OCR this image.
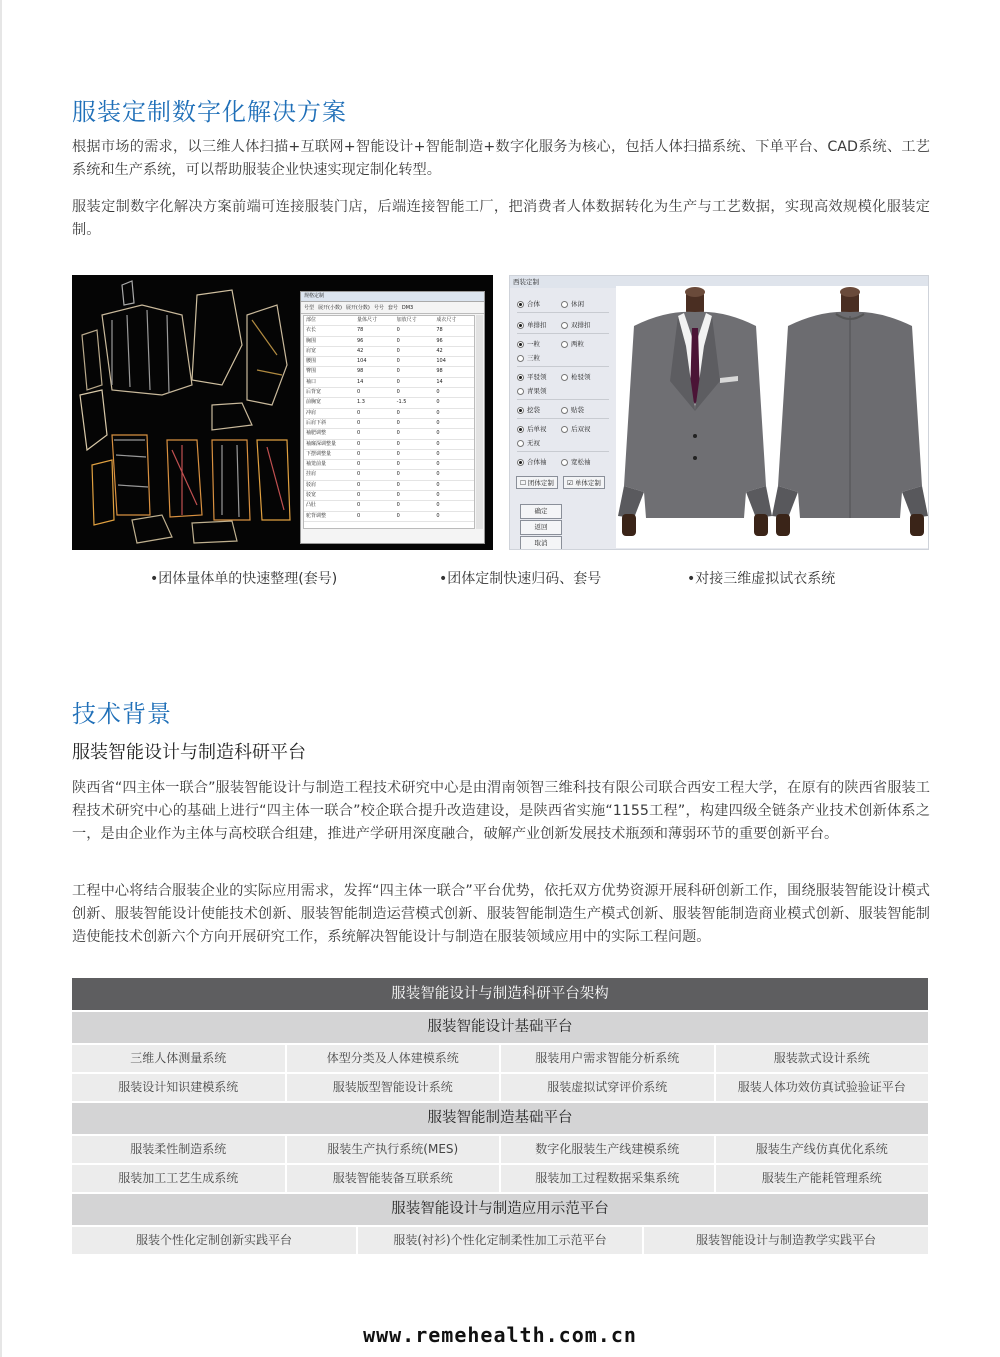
服装定制数字化解决方案
根据市场的需求，以三维人体扫描+互联网+智能设计+智能制造+数字化服务为核心，包括人体扫描系统、下单平台、CAD系统、工艺系统和生产系统，可以帮助服装企业快速实现定制化转型。
服装定制数字化解决方案前端可连接服装门店，后端连接智能工厂，把消费者人体数据转化为生产与工艺数据，实现高效规模化服装定制。
规格定制
号型 展开(小数) 展开(分数) 号号 套号 DM3
部位	量体尺寸	加放尺寸	成衣尺寸
衣长	78	0	78
胸围	96	0	96
肩宽	42	0	42
腰围	104	0	104
臀围	98	0	98
袖口	14	0	14
后背宽	0	0	0
前胸宽	1.3	-1.5	0
冲肩	0	0	0
后肩下斜	0	0	0
袖肥调整	0	0	0
袖窿深调整量	0	0	0
下摆调整量	0	0	0
袖笼前量	0	0	0
挂肩	0	0	0
驳肩	0	0	0
驳宽	0	0	0
凸肚	0	0	0
驼背调整	0	0	0
西装定制
合体	休闲
单排扣	双排扣
一粒	两粒
三粒
平驳领	枪驳领
青果领
挖袋	贴袋
后单衩	后双衩
无衩
合体袖	宽松袖
☐ 团体定制	☑ 单体定制
确定
返回
取消
•团体量体单的快速整理(套号)	•团体定制快速归码、套号	•对接三维虚拟试衣系统
技术背景
服装智能设计与制造科研平台
陕西省“四主体一联合”服装智能设计与制造工程技术研究中心是由渭南领智三维科技有限公司联合西安工程大学，在原有的陕西省服装工程技术研究中心的基础上进行“四主体一联合”校企联合提升改造建设，是陕西省实施“1155工程”，构建四级全链条产业技术创新体系之一，是由企业作为主体与高校联合组建，推进产学研用深度融合，破解产业创新发展技术瓶颈和薄弱环节的重要创新平台。
工程中心将结合服装企业的实际应用需求，发挥“四主体一联合”平台优势，依托双方优势资源开展科研创新工作，围绕服装智能设计模式创新、服装智能设计使能技术创新、服装智能制造运营模式创新、服装智能制造生产模式创新、服装智能制造商业模式创新、服装智能制造使能技术创新六个方向开展研究工作，系统解决智能设计与制造在服装领域应用中的实际工程问题。
服装智能设计与制造科研平台架构
服装智能设计基础平台
三维人体测量系统	体型分类及人体建模系统	服装用户需求智能分析系统	服装款式设计系统
服装设计知识建模系统	服装版型智能设计系统	服装虚拟试穿评价系统	服装人体功效仿真试验验证平台
服装智能制造基础平台
服装柔性制造系统	服装生产执行系统(MES)	数字化服装生产线建模系统	服装生产线仿真优化系统
服装加工工艺生成系统	服装智能装备互联系统	服装加工过程数据采集系统	服装生产能耗管理系统
服装智能设计与制造应用示范平台
服装个性化定制创新实践平台	服装(衬衫)个性化定制柔性加工示范平台	服装智能设计与制造教学实践平台
www.remehealth.com.cn
